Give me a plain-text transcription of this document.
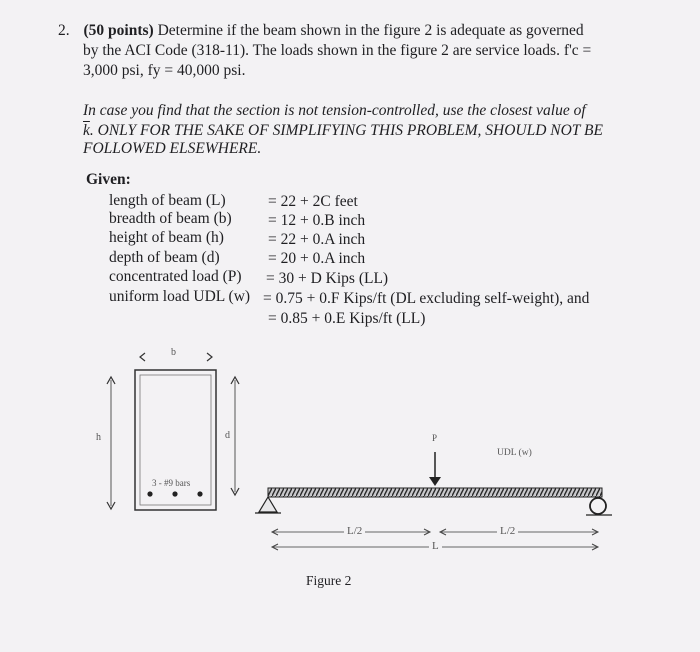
2. (50 points) Determine if the beam shown in the figure 2 is adequate as governed
by the ACI Code (318-11). The loads shown in the figure 2 are service loads. f'c =
3,000 psi, fy = 40,000 psi.
In case you find that the section is not tension-controlled, use the closest value of
$\overline{k}$. ONLY FOR THE SAKE OF SIMPLIFYING THIS PROBLEM, SHOULD NOT BE
FOLLOWED ELSEWHERE.
Given:
length of beam (L)	= 22 + 2C feet
breadth of beam (b) = 12 + 0.B inch
height of beam (h)	= 22 + 0.A inch
depth of beam (d)	= 20 + 0.A inch
concentrated load (P) = 30 + D Kips (LL)
uniform load UDL (w) = 0.75 + 0.F Kips/ft (DL excluding self-weight), and
= 0.85 + 0.E Kips/ft (LL)
b
h	d
3 - #9 bars
P
UDL (w)
L/2	L/2
L
Figure 2
